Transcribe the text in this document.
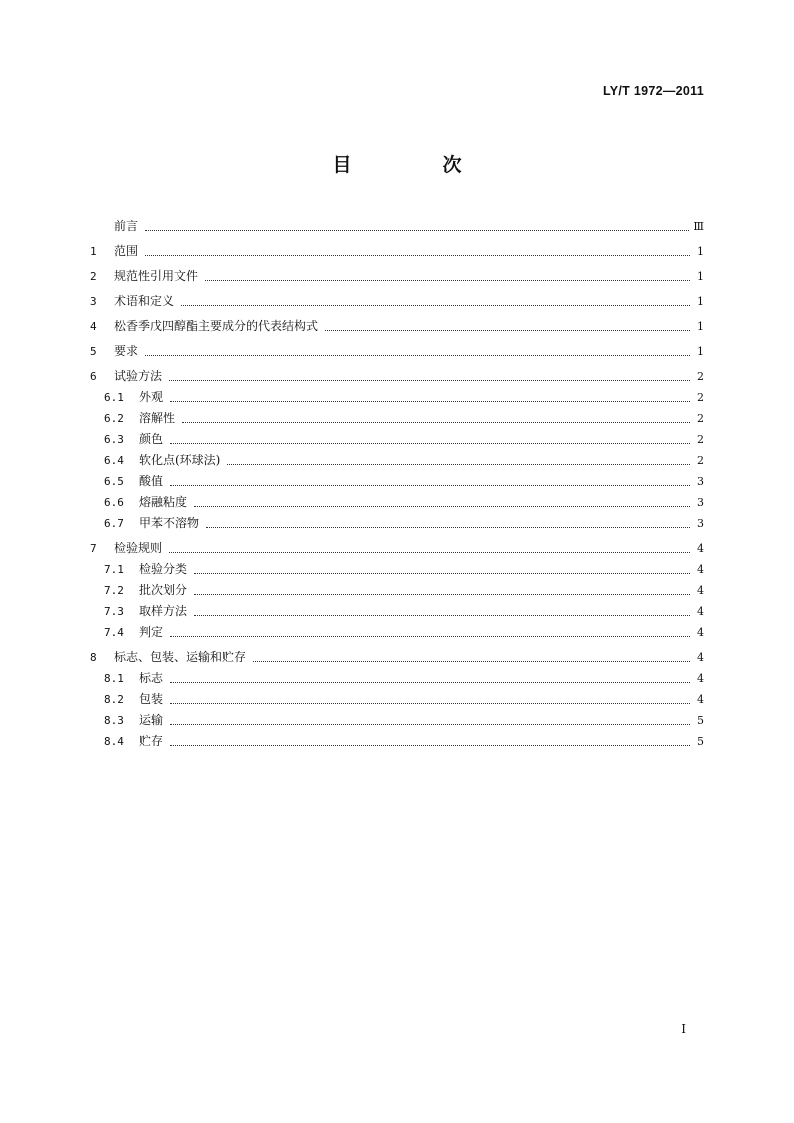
LY/T 1972—2011
目　次
前言	Ⅲ
1	范围	1
2	规范性引用文件	1
3	术语和定义	1
4	松香季戊四醇酯主要成分的代表结构式	1
5	要求	1
6	试验方法	2
6.1	外观	2
6.2	溶解性	2
6.3	颜色	2
6.4	软化点(环球法)	2
6.5	酸值	3
6.6	熔融粘度	3
6.7	甲苯不溶物	3
7	检验规则	4
7.1	检验分类	4
7.2	批次划分	4
7.3	取样方法	4
7.4	判定	4
8	标志、包装、运输和贮存	4
8.1	标志	4
8.2	包装	4
8.3	运输	5
8.4	贮存	5
I
